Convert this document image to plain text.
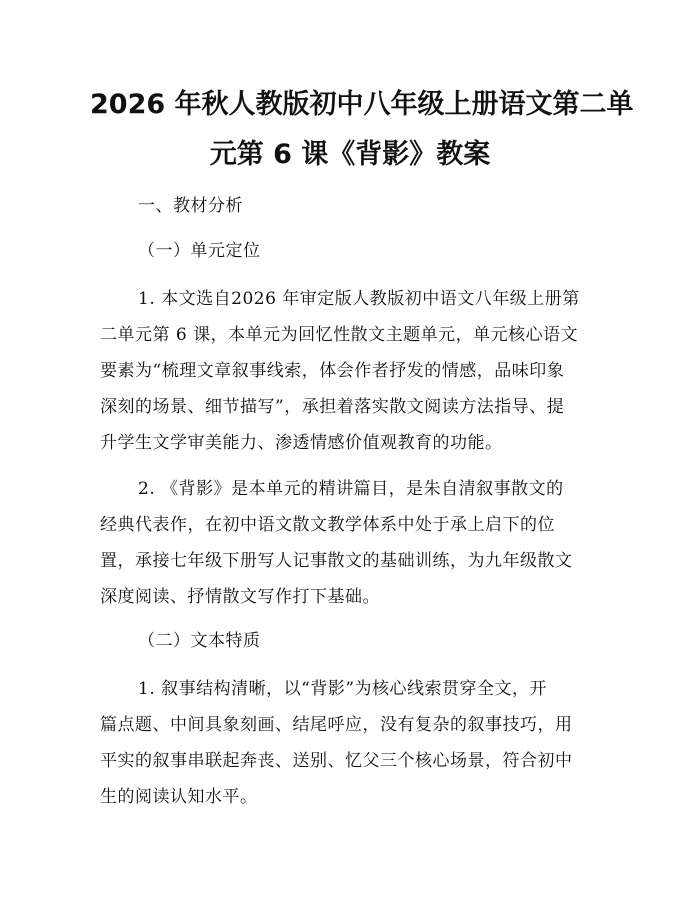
2026 年秋人教版初中八年级上册语文第二单
元第 6 课《背影》教案

一、教材分析

（一）单元定位

1. 本文选自2026 年审定版人教版初中语文八年级上册第

二单元第 6 课，本单元为回忆性散文主题单元，单元核心语文

要素为“梳理文章叙事线索，体会作者抒发的情感，品味印象

深刻的场景、细节描写”，承担着落实散文阅读方法指导、提

升学生文学审美能力、渗透情感价值观教育的功能。

2. 《背影》是本单元的精讲篇目，是朱自清叙事散文的

经典代表作，在初中语文散文教学体系中处于承上启下的位

置，承接七年级下册写人记事散文的基础训练，为九年级散文

深度阅读、抒情散文写作打下基础。

（二）文本特质

1. 叙事结构清晰，以“背影”为核心线索贯穿全文，开

篇点题、中间具象刻画、结尾呼应，没有复杂的叙事技巧，用

平实的叙事串联起奔丧、送别、忆父三个核心场景，符合初中

生的阅读认知水平。
